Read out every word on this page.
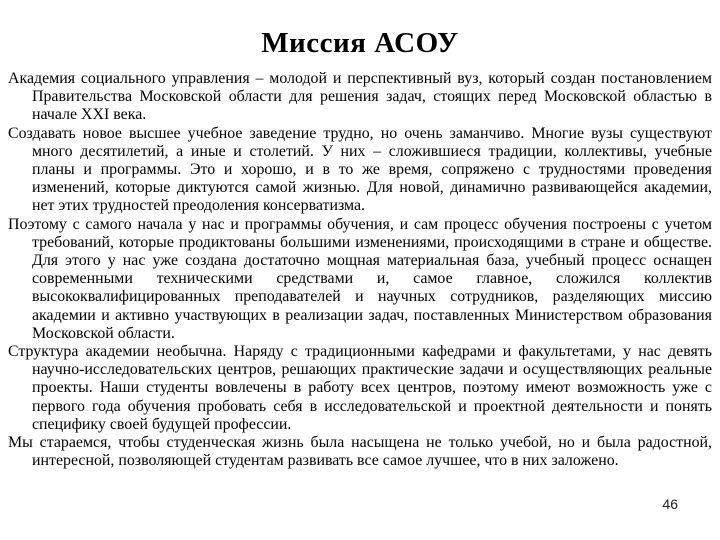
Миссия АСОУ

Академия социального управления – молодой и перспективный вуз, который создан постановлением Правительства Московской области для решения задач, стоящих перед Московской областью в начале XXI века.

Создавать новое высшее учебное заведение трудно, но очень заманчиво. Многие вузы существуют много десятилетий, а иные и столетий. У них – сложившиеся традиции, коллективы, учебные планы и программы. Это и хорошо, и в то же время, сопряжено с трудностями проведения изменений, которые диктуются самой жизнью. Для новой, динамично развивающейся академии, нет этих трудностей преодоления консерватизма.

Поэтому с самого начала у нас и программы обучения, и сам процесс обучения построены с учетом требований, которые продиктованы большими изменениями, происходящими в стране и обществе. Для этого у нас уже создана достаточно мощная материальная база, учебный процесс оснащен современными техническими средствами и, самое главное, сложился коллектив высококвалифицированных преподавателей и научных сотрудников, разделяющих миссию академии и активно участвующих в реализации задач, поставленных Министерством образования Московской области.

Структура академии необычна. Наряду с традиционными кафедрами и факультетами, у нас девять научно-исследовательских центров, решающих практические задачи и осуществляющих реальные проекты. Наши студенты вовлечены в работу всех центров, поэтому имеют возможность уже с первого года обучения пробовать себя в исследовательской и проектной деятельности и понять специфику своей будущей профессии.

Мы стараемся, чтобы студенческая жизнь была насыщена не только учебой, но и была радостной, интересной, позволяющей студентам развивать все самое лучшее, что в них заложено.

46
